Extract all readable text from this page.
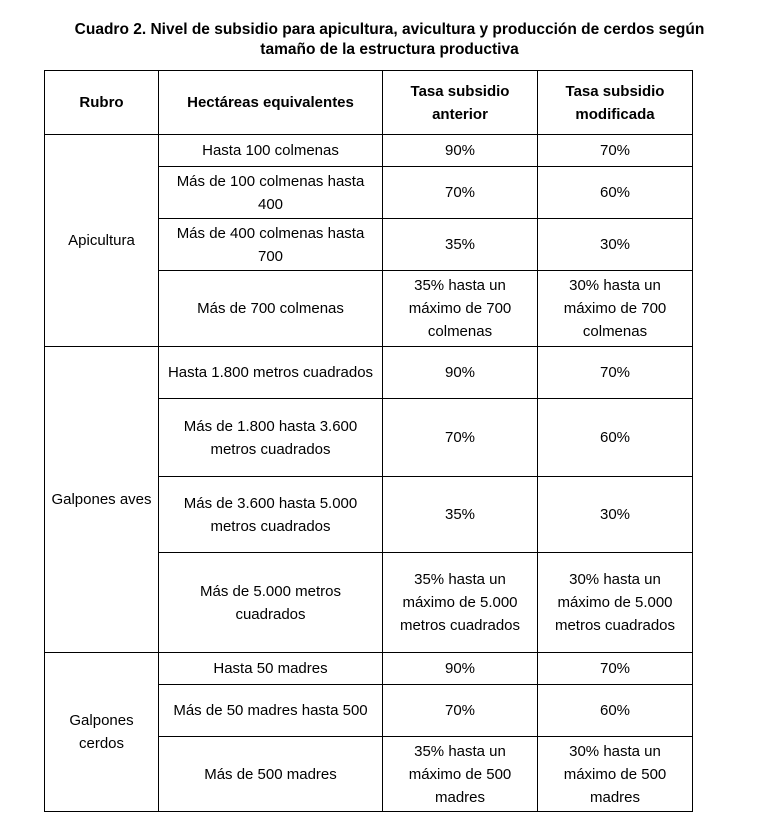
Cuadro 2. Nivel de subsidio para apicultura, avicultura y producción de cerdos según
tamaño de la estructura productiva
Rubro	Hectáreas equivalentes	Tasa subsidio anterior	Tasa subsidio modificada
Apicultura	Hasta 100 colmenas	90%	70%
	Más de 100 colmenas hasta 400	70%	60%
	Más de 400 colmenas hasta 700	35%	30%
	Más de 700 colmenas	35% hasta un máximo de 700 colmenas	30% hasta un máximo de 700 colmenas
Galpones aves	Hasta 1.800 metros cuadrados	90%	70%
	Más de 1.800 hasta 3.600 metros cuadrados	70%	60%
	Más de 3.600 hasta 5.000 metros cuadrados	35%	30%
	Más de 5.000 metros cuadrados	35% hasta un máximo de 5.000 metros cuadrados	30% hasta un máximo de 5.000 metros cuadrados
Galpones cerdos	Hasta 50 madres	90%	70%
	Más de 50 madres hasta 500	70%	60%
	Más de 500 madres	35% hasta un máximo de 500 madres	30% hasta un máximo de 500 madres
